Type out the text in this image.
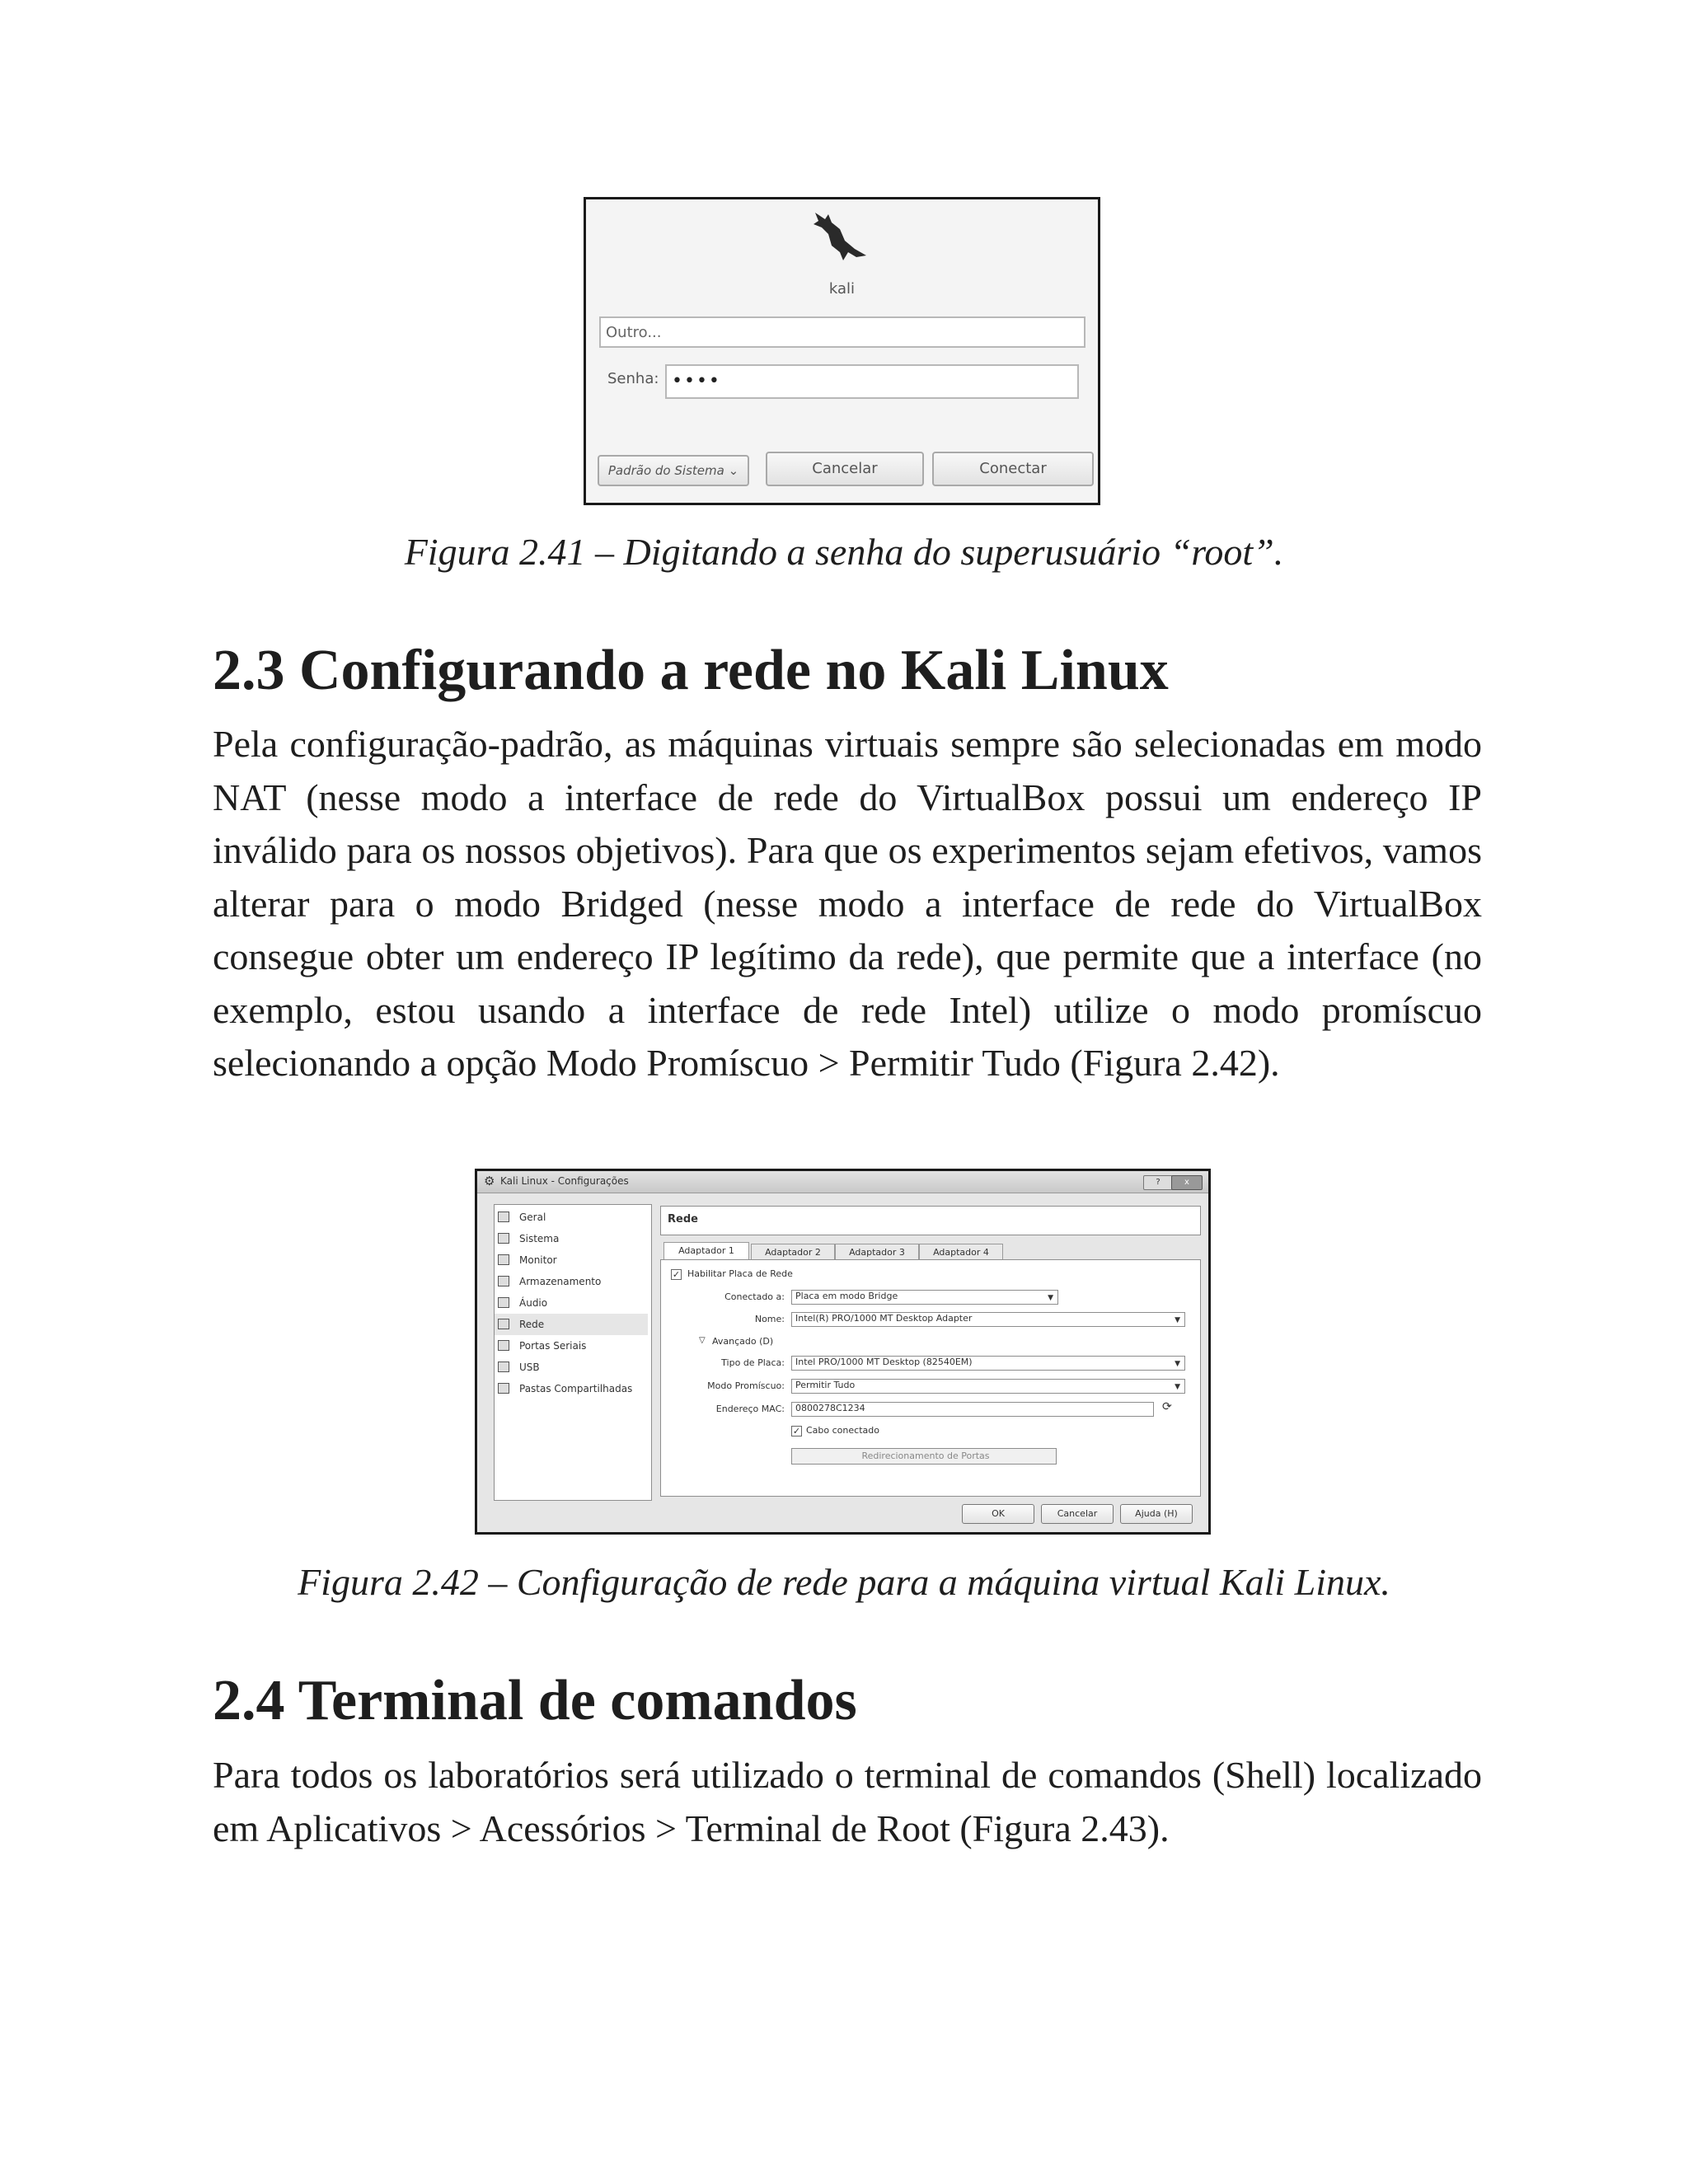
kali
Outro...
Senha: ••••
Padrão do Sistema ⌄	Cancelar	Conectar
Figura 2.41 – Digitando a senha do superusuário “root”.
2.3 Configurando a rede no Kali Linux
Pela configuração-padrão, as máquinas virtuais sempre são selecionadas em modo NAT (nesse modo a interface de rede do VirtualBox possui um endereço IP inválido para os nossos objetivos). Para que os experimentos sejam efetivos, vamos alterar para o modo Bridged (nesse modo a interface de rede do VirtualBox consegue obter um endereço IP legítimo da rede), que permite que a interface (no exemplo, estou usando a interface de rede Intel) utilize o modo promíscuo selecionando a opção Modo Promíscuo > Permitir Tudo (Figura 2.42).
⚙ Kali Linux - Configurações	?	x
Geral
Sistema
Monitor
Armazenamento
Áudio
Rede
Portas Seriais
USB
Pastas Compartilhadas
Rede
Adaptador 1	Adaptador 2	Adaptador 3	Adaptador 4
✓ Habilitar Placa de Rede
Conectado a:	Placa em modo Bridge	▼
Nome:	Intel(R) PRO/1000 MT Desktop Adapter	▼
▽ Avançado (D)
Tipo de Placa:	Intel PRO/1000 MT Desktop (82540EM)	▼
Modo Promíscuo:	Permitir Tudo	▼
Endereço MAC:	0800278C1234	⟳
✓ Cabo conectado
Redirecionamento de Portas
OK	Cancelar	Ajuda (H)
Figura 2.42 – Configuração de rede para a máquina virtual Kali Linux.
2.4 Terminal de comandos
Para todos os laboratórios será utilizado o terminal de comandos (Shell) localizado em Aplicativos > Acessórios > Terminal de Root (Figura 2.43).
